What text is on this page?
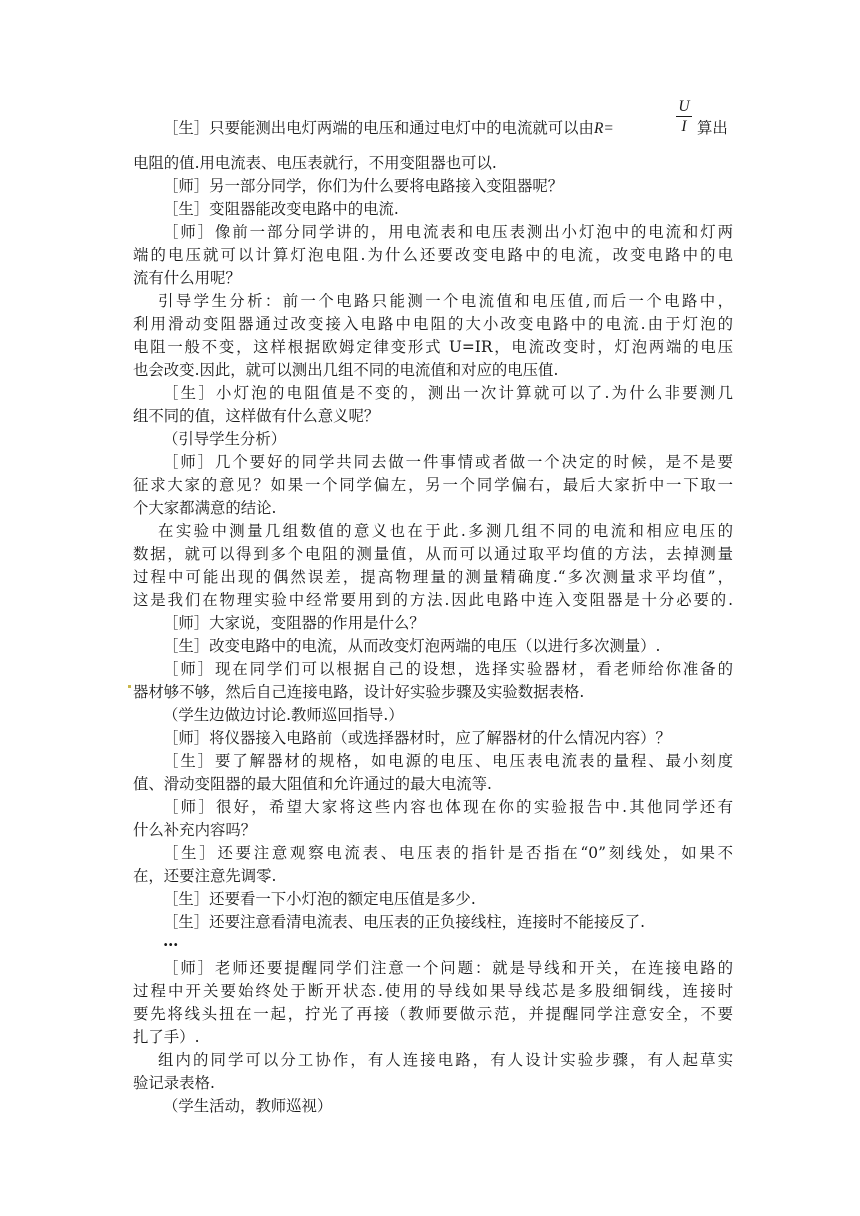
［生］只要能测出电灯两端的电压和通过电灯中的电流就可以由R=
U
I 算出
电阻的值.用电流表、电压表就行，不用变阻器也可以.
［师］另一部分同学，你们为什么要将电路接入变阻器呢？
［生］变阻器能改变电路中的电流.
［师］像前一部分同学讲的，用电流表和电压表测出小灯泡中的电流和灯两
端的电压就可以计算灯泡电阻.为什么还要改变电路中的电流，改变电路中的电
流有什么用呢？
引导学生分析：前一个电路只能测一个电流值和电压值,而后一个电路中，
利用滑动变阻器通过改变接入电路中电阻的大小改变电路中的电流.由于灯泡的
电阻一般不变，这样根据欧姆定律变形式 U=IR，电流改变时，灯泡两端的电压
也会改变.因此，就可以测出几组不同的电流值和对应的电压值.
［生］小灯泡的电阻值是不变的，测出一次计算就可以了.为什么非要测几
组不同的值，这样做有什么意义呢？
（引导学生分析）
［师］几个要好的同学共同去做一件事情或者做一个决定的时候，是不是要
征求大家的意见？如果一个同学偏左，另一个同学偏右，最后大家折中一下取一
个大家都满意的结论.
在实验中测量几组数值的意义也在于此.多测几组不同的电流和相应电压的
数据，就可以得到多个电阻的测量值，从而可以通过取平均值的方法，去掉测量
过程中可能出现的偶然误差，提高物理量的测量精确度.“多次测量求平均值”，
这是我们在物理实验中经常要用到的方法.因此电路中连入变阻器是十分必要的.
［师］大家说，变阻器的作用是什么？
［生］改变电路中的电流，从而改变灯泡两端的电压（以进行多次测量）.
［师］现在同学们可以根据自己的设想，选择实验器材，看老师给你准备的
器材够不够，然后自己连接电路，设计好实验步骤及实验数据表格.
（学生边做边讨论.教师巡回指导.）
［师］将仪器接入电路前（或选择器材时，应了解器材的什么情况内容）？
［生］要了解器材的规格，如电源的电压、电压表电流表的量程、最小刻度
值、滑动变阻器的最大阻值和允许通过的最大电流等.
［师］很好，希望大家将这些内容也体现在你的实验报告中.其他同学还有
什么补充内容吗？
［生］还要注意观察电流表、电压表的指针是否指在“0”刻线处，如果不
在，还要注意先调零.
［生］还要看一下小灯泡的额定电压值是多少.
［生］还要注意看清电流表、电压表的正负接线柱，连接时不能接反了.
…
［师］老师还要提醒同学们注意一个问题：就是导线和开关，在连接电路的
过程中开关要始终处于断开状态.使用的导线如果导线芯是多股细铜线，连接时
要先将线头扭在一起，拧光了再接（教师要做示范，并提醒同学注意安全，不要
扎了手）.
组内的同学可以分工协作，有人连接电路，有人设计实验步骤，有人起草实
验记录表格.
（学生活动，教师巡视）
